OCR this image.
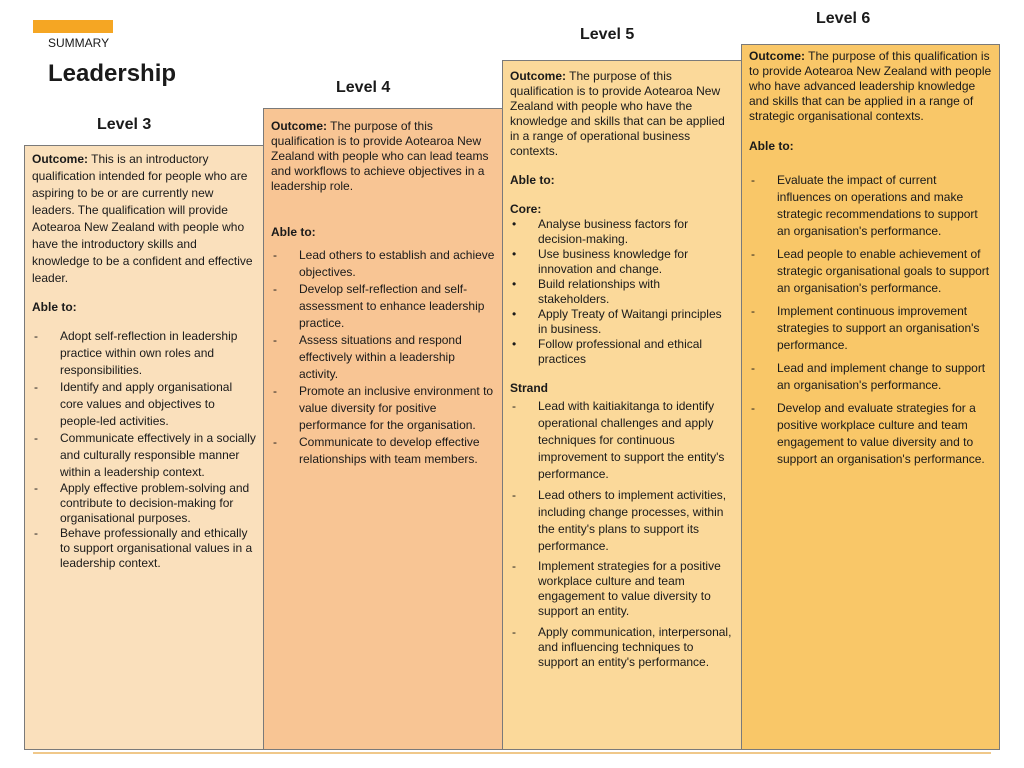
SUMMARY
Leadership
Level 3
Level 4
Level 5
Level 6

Outcome: This is an introductory qualification intended for people who are aspiring to be or are currently new leaders. The qualification will provide Aotearoa New Zealand with people who have the introductory skills and knowledge to be a confident and effective leader.

Able to:
- Adopt self-reflection in leadership practice within own roles and responsibilities.
- Identify and apply organisational core values and objectives to people-led activities.
- Communicate effectively in a socially and culturally responsible manner within a leadership context.
- Apply effective problem-solving and contribute to decision-making for organisational purposes.
- Behave professionally and ethically to support organisational values in a leadership context.

Outcome: The purpose of this qualification is to provide Aotearoa New Zealand with people who can lead teams and workflows to achieve objectives in a leadership role.

Able to:
- Lead others to establish and achieve objectives.
- Develop self-reflection and self-assessment to enhance leadership practice.
- Assess situations and respond effectively within a leadership activity.
- Promote an inclusive environment to value diversity for positive performance for the organisation.
- Communicate to develop effective relationships with team members.

Outcome: The purpose of this qualification is to provide Aotearoa New Zealand with people who have the knowledge and skills that can be applied in a range of operational business contexts.

Able to:
Core:
• Analyse business factors for decision-making.
• Use business knowledge for innovation and change.
• Build relationships with stakeholders.
• Apply Treaty of Waitangi principles in business.
• Follow professional and ethical practices
Strand
- Lead with kaitiakitanga to identify operational challenges and apply techniques for continuous improvement to support the entity's performance.
- Lead others to implement activities, including change processes, within the entity's plans to support its performance.
- Implement strategies for a positive workplace culture and team engagement to value diversity to support an entity.
- Apply communication, interpersonal, and influencing techniques to support an entity's performance.

Outcome: The purpose of this qualification is to provide Aotearoa New Zealand with people who have advanced leadership knowledge and skills that can be applied in a range of strategic organisational contexts.

Able to:
- Evaluate the impact of current influences on operations and make strategic recommendations to support an organisation's performance.
- Lead people to enable achievement of strategic organisational goals to support an organisation's performance.
- Implement continuous improvement strategies to support an organisation's performance.
- Lead and implement change to support an organisation's performance.
- Develop and evaluate strategies for a positive workplace culture and team engagement to value diversity and to support an organisation's performance.
